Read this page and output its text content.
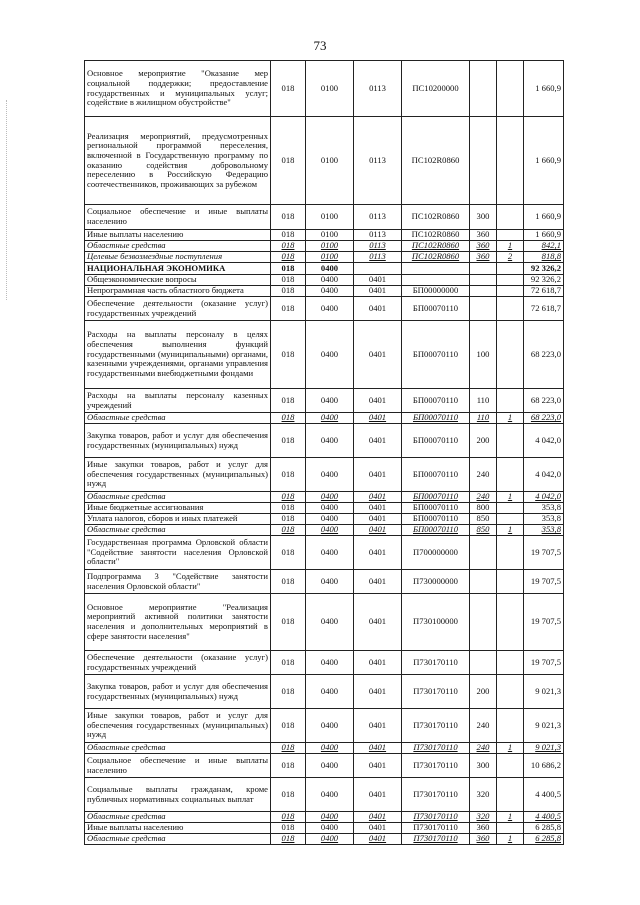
73
Основное мероприятие "Оказание мер социальной поддержки; предоставление государственных и муниципальных услуг; содействие в жилищном обустройстве"	018	0100	0113	ПС10200000			1 660,9
Реализация мероприятий, предусмотренных региональной программой переселения, включенной в Государственную программу по оказанию содействия добровольному переселению в Российскую Федерацию соотечественников, проживающих за рубежом	018	0100	0113	ПС102R0860			1 660,9
Социальное обеспечение и иные выплаты населению	018	0100	0113	ПС102R0860	300		1 660,9
Иные выплаты населению	018	0100	0113	ПС102R0860	360		1 660,9
Областные средства	018	0100	0113	ПС102R0860	360	1	842,1
Целевые безвозмездные поступления	018	0100	0113	ПС102R0860	360	2	818,8
НАЦИОНАЛЬНАЯ ЭКОНОМИКА	018	0400					92 326,2
Общеэкономические вопросы	018	0400	0401				92 326,2
Непрограммная часть областного бюджета	018	0400	0401	БП00000000			72 618,7
Обеспечение деятельности (оказание услуг) государственных учреждений	018	0400	0401	БП00070110			72 618,7
Расходы на выплаты персоналу в целях обеспечения выполнения функций государственными (муниципальными) органами, казенными учреждениями, органами управления государственными внебюджетными фондами	018	0400	0401	БП00070110	100		68 223,0
Расходы на выплаты персоналу казенных учреждений	018	0400	0401	БП00070110	110		68 223,0
Областные средства	018	0400	0401	БП00070110	110	1	68 223,0
Закупка товаров, работ и услуг для обеспечения государственных (муниципальных) нужд	018	0400	0401	БП00070110	200		4 042,0
Иные закупки товаров, работ и услуг для обеспечения государственных (муниципальных) нужд	018	0400	0401	БП00070110	240		4 042,0
Областные средства	018	0400	0401	БП00070110	240	1	4 042,0
Иные бюджетные ассигнования	018	0400	0401	БП00070110	800		353,8
Уплата налогов, сборов и иных платежей	018	0400	0401	БП00070110	850		353,8
Областные средства	018	0400	0401	БП00070110	850	1	353,8
Государственная программа Орловской области "Содействие занятости населения Орловской области"	018	0400	0401	П700000000			19 707,5
Подпрограмма 3 "Содействие занятости населения Орловской области"	018	0400	0401	П730000000			19 707,5
Основное мероприятие "Реализация мероприятий активной политики занятости населения и дополнительных мероприятий в сфере занятости населения"	018	0400	0401	П730100000			19 707,5
Обеспечение деятельности (оказание услуг) государственных учреждений	018	0400	0401	П730170110			19 707,5
Закупка товаров, работ и услуг для обеспечения государственных (муниципальных) нужд	018	0400	0401	П730170110	200		9 021,3
Иные закупки товаров, работ и услуг для обеспечения государственных (муниципальных) нужд	018	0400	0401	П730170110	240		9 021,3
Областные средства	018	0400	0401	П730170110	240	1	9 021,3
Социальное обеспечение и иные выплаты населению	018	0400	0401	П730170110	300		10 686,2
Социальные выплаты гражданам, кроме публичных нормативных социальных выплат	018	0400	0401	П730170110	320		4 400,5
Областные средства	018	0400	0401	П730170110	320	1	4 400,5
Иные выплаты населению	018	0400	0401	П730170110	360		6 285,8
Областные средства	018	0400	0401	П730170110	360	1	6 285,8
